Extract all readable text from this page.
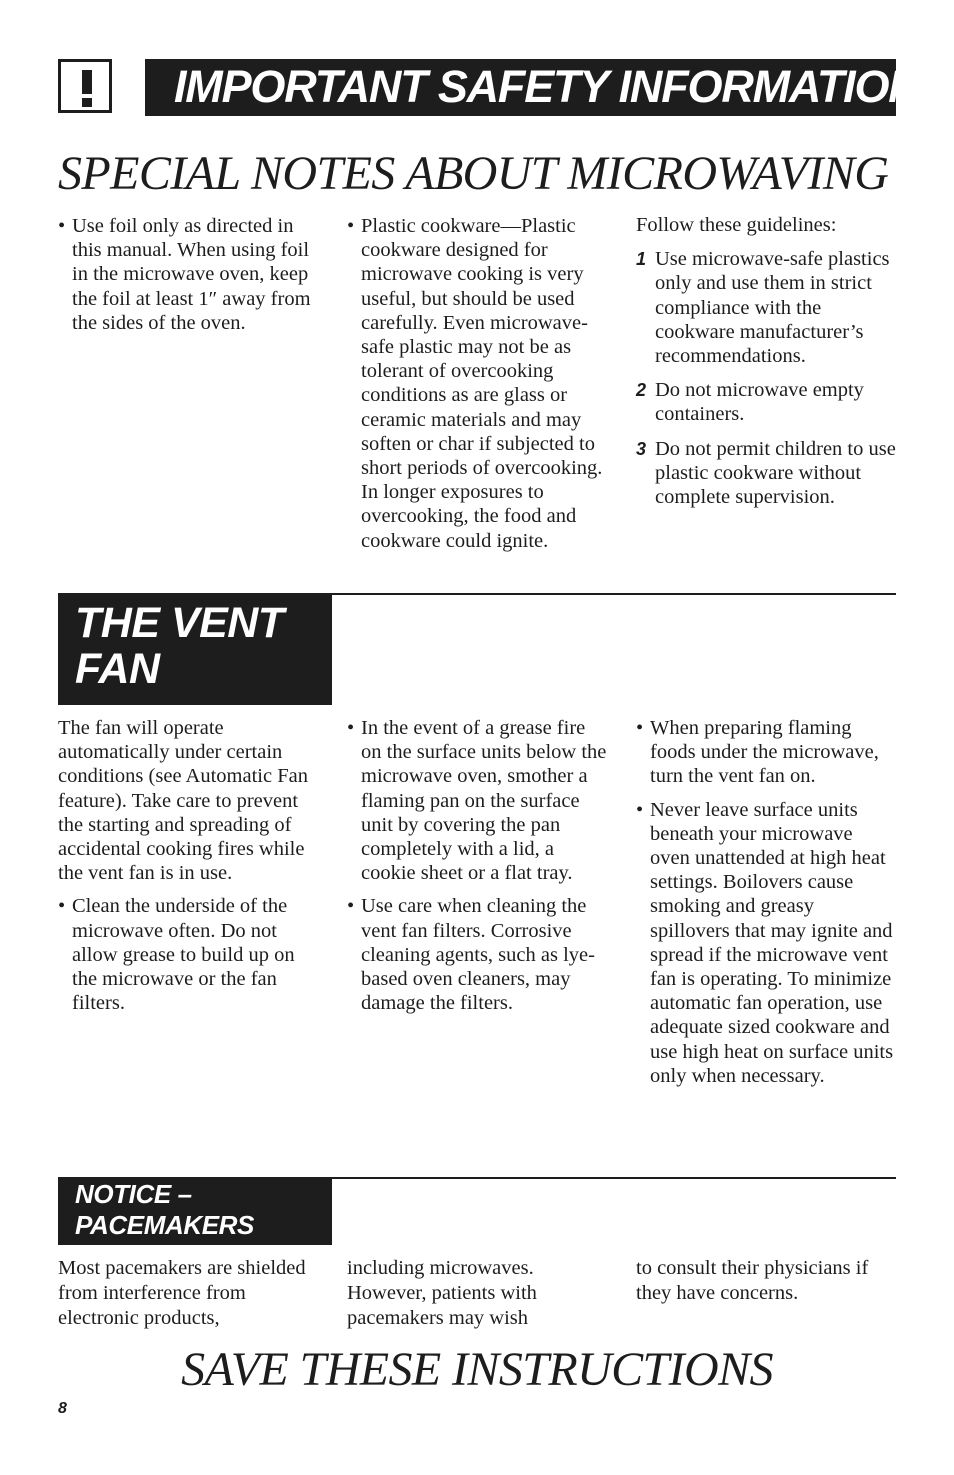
IMPORTANT SAFETY INFORMATION
SPECIAL NOTES ABOUT MICROWAVING
• Use foil only as directed in this manual. When using foil in the microwave oven, keep the foil at least 1″ away from the sides of the oven.
• Plastic cookware—Plastic cookware designed for microwave cooking is very useful, but should be used carefully. Even microwave-safe plastic may not be as tolerant of overcooking conditions as are glass or ceramic materials and may soften or char if subjected to short periods of overcooking. In longer exposures to overcooking, the food and cookware could ignite.
Follow these guidelines:
1 Use microwave-safe plastics only and use them in strict compliance with the cookware manufacturer’s recommendations.
2 Do not microwave empty containers.
3 Do not permit children to use plastic cookware without complete supervision.
THE VENT FAN
The fan will operate automatically under certain conditions (see Automatic Fan feature). Take care to prevent the starting and spreading of accidental cooking fires while the vent fan is in use.
• Clean the underside of the microwave often. Do not allow grease to build up on the microwave or the fan filters.
• In the event of a grease fire on the surface units below the microwave oven, smother a flaming pan on the surface unit by covering the pan completely with a lid, a cookie sheet or a flat tray.
• Use care when cleaning the vent fan filters. Corrosive cleaning agents, such as lye-based oven cleaners, may damage the filters.
• When preparing flaming foods under the microwave, turn the vent fan on.
• Never leave surface units beneath your microwave oven unattended at high heat settings. Boilovers cause smoking and greasy spillovers that may ignite and spread if the microwave vent fan is operating. To minimize automatic fan operation, use adequate sized cookware and use high heat on surface units only when necessary.
NOTICE – PACEMAKERS
Most pacemakers are shielded from interference from electronic products,
including microwaves. However, patients with pacemakers may wish
to consult their physicians if they have concerns.
SAVE THESE INSTRUCTIONS
8
